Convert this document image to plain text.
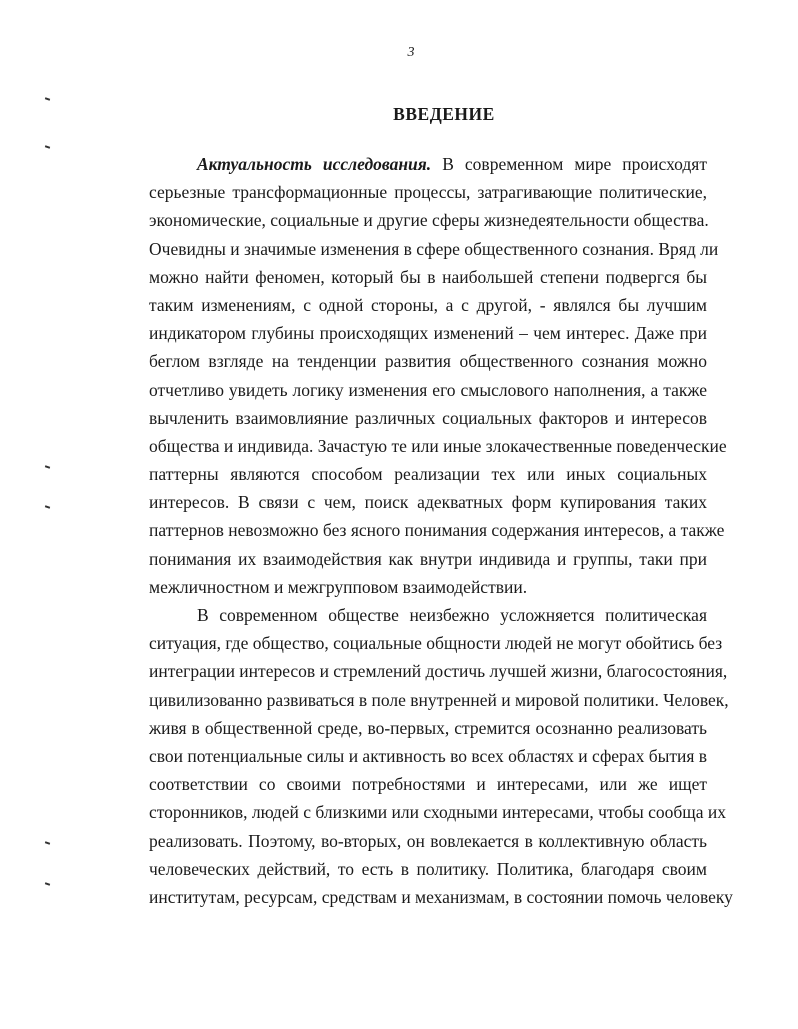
3
ВВЕДЕНИЕ
Актуальность исследования. В современном мире происходят
серьезные трансформационные процессы, затрагивающие политические,
экономические, социальные и другие сферы жизнедеятельности общества.
Очевидны и значимые изменения в сфере общественного сознания. Вряд ли
можно найти феномен, который бы в наибольшей степени подвергся бы
таким изменениям, с одной стороны, а с другой, - являлся бы лучшим
индикатором глубины происходящих изменений – чем интерес. Даже при
беглом взгляде на тенденции развития общественного сознания можно
отчетливо увидеть логику изменения его смыслового наполнения, а также
вычленить взаимовлияние различных социальных факторов и интересов
общества и индивида. Зачастую те или иные злокачественные поведенческие
паттерны являются способом реализации тех или иных социальных
интересов. В связи с чем, поиск адекватных форм купирования таких
паттернов невозможно без ясного понимания содержания интересов, а также
понимания их взаимодействия как внутри индивида и группы, таки при
межличностном и межгрупповом взаимодействии.
В современном обществе неизбежно усложняется политическая
ситуация, где общество, социальные общности людей не могут обойтись без
интеграции интересов и стремлений достичь лучшей жизни, благосостояния,
цивилизованно развиваться в поле внутренней и мировой политики. Человек,
живя в общественной среде, во-первых, стремится осознанно реализовать
свои потенциальные силы и активность во всех областях и сферах бытия в
соответствии со своими потребностями и интересами, или же ищет
сторонников, людей с близкими или сходными интересами, чтобы сообща их
реализовать. Поэтому, во-вторых, он вовлекается в коллективную область
человеческих действий, то есть в политику. Политика, благодаря своим
институтам, ресурсам, средствам и механизмам, в состоянии помочь человеку
